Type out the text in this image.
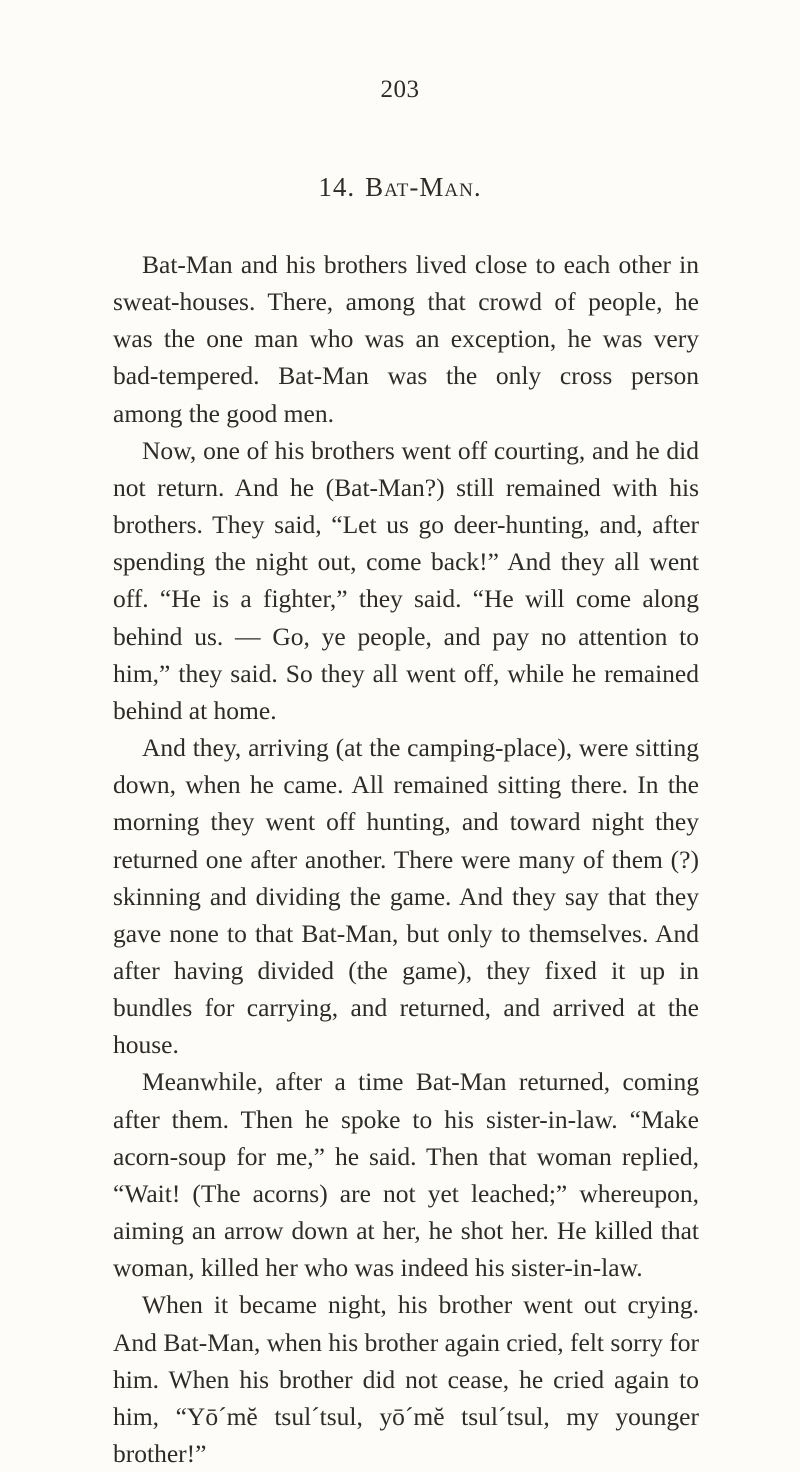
203
14. Bat-Man.

Bat-Man and his brothers lived close to each other in sweat-houses. There, among that crowd of people, he was the one man who was an exception, he was very bad-tempered. Bat-Man was the only cross person among the good men.

Now, one of his brothers went off courting, and he did not return. And he (Bat-Man?) still remained with his brothers. They said, “Let us go deer-hunting, and, after spending the night out, come back!” And they all went off. “He is a fighter,” they said. “He will come along behind us. — Go, ye people, and pay no attention to him,” they said. So they all went off, while he remained behind at home.

And they, arriving (at the camping-place), were sitting down, when he came. All remained sitting there. In the morning they went off hunting, and toward night they returned one after another. There were many of them (?) skinning and dividing the game. And they say that they gave none to that Bat-Man, but only to themselves. And after having divided (the game), they fixed it up in bundles for carrying, and returned, and arrived at the house.

Meanwhile, after a time Bat-Man returned, coming after them. Then he spoke to his sister-in-law. “Make acorn-soup for me,” he said. Then that woman replied, “Wait! (The acorns) are not yet leached;” whereupon, aiming an arrow down at her, he shot her. He killed that woman, killed her who was indeed his sister-in-law.

When it became night, his brother went out crying. And Bat-Man, when his brother again cried, felt sorry for him. When his brother did not cease, he cried again to him, “Yō´mĕ tsul´tsul, yō´mĕ tsul´tsul, my younger brother!”
